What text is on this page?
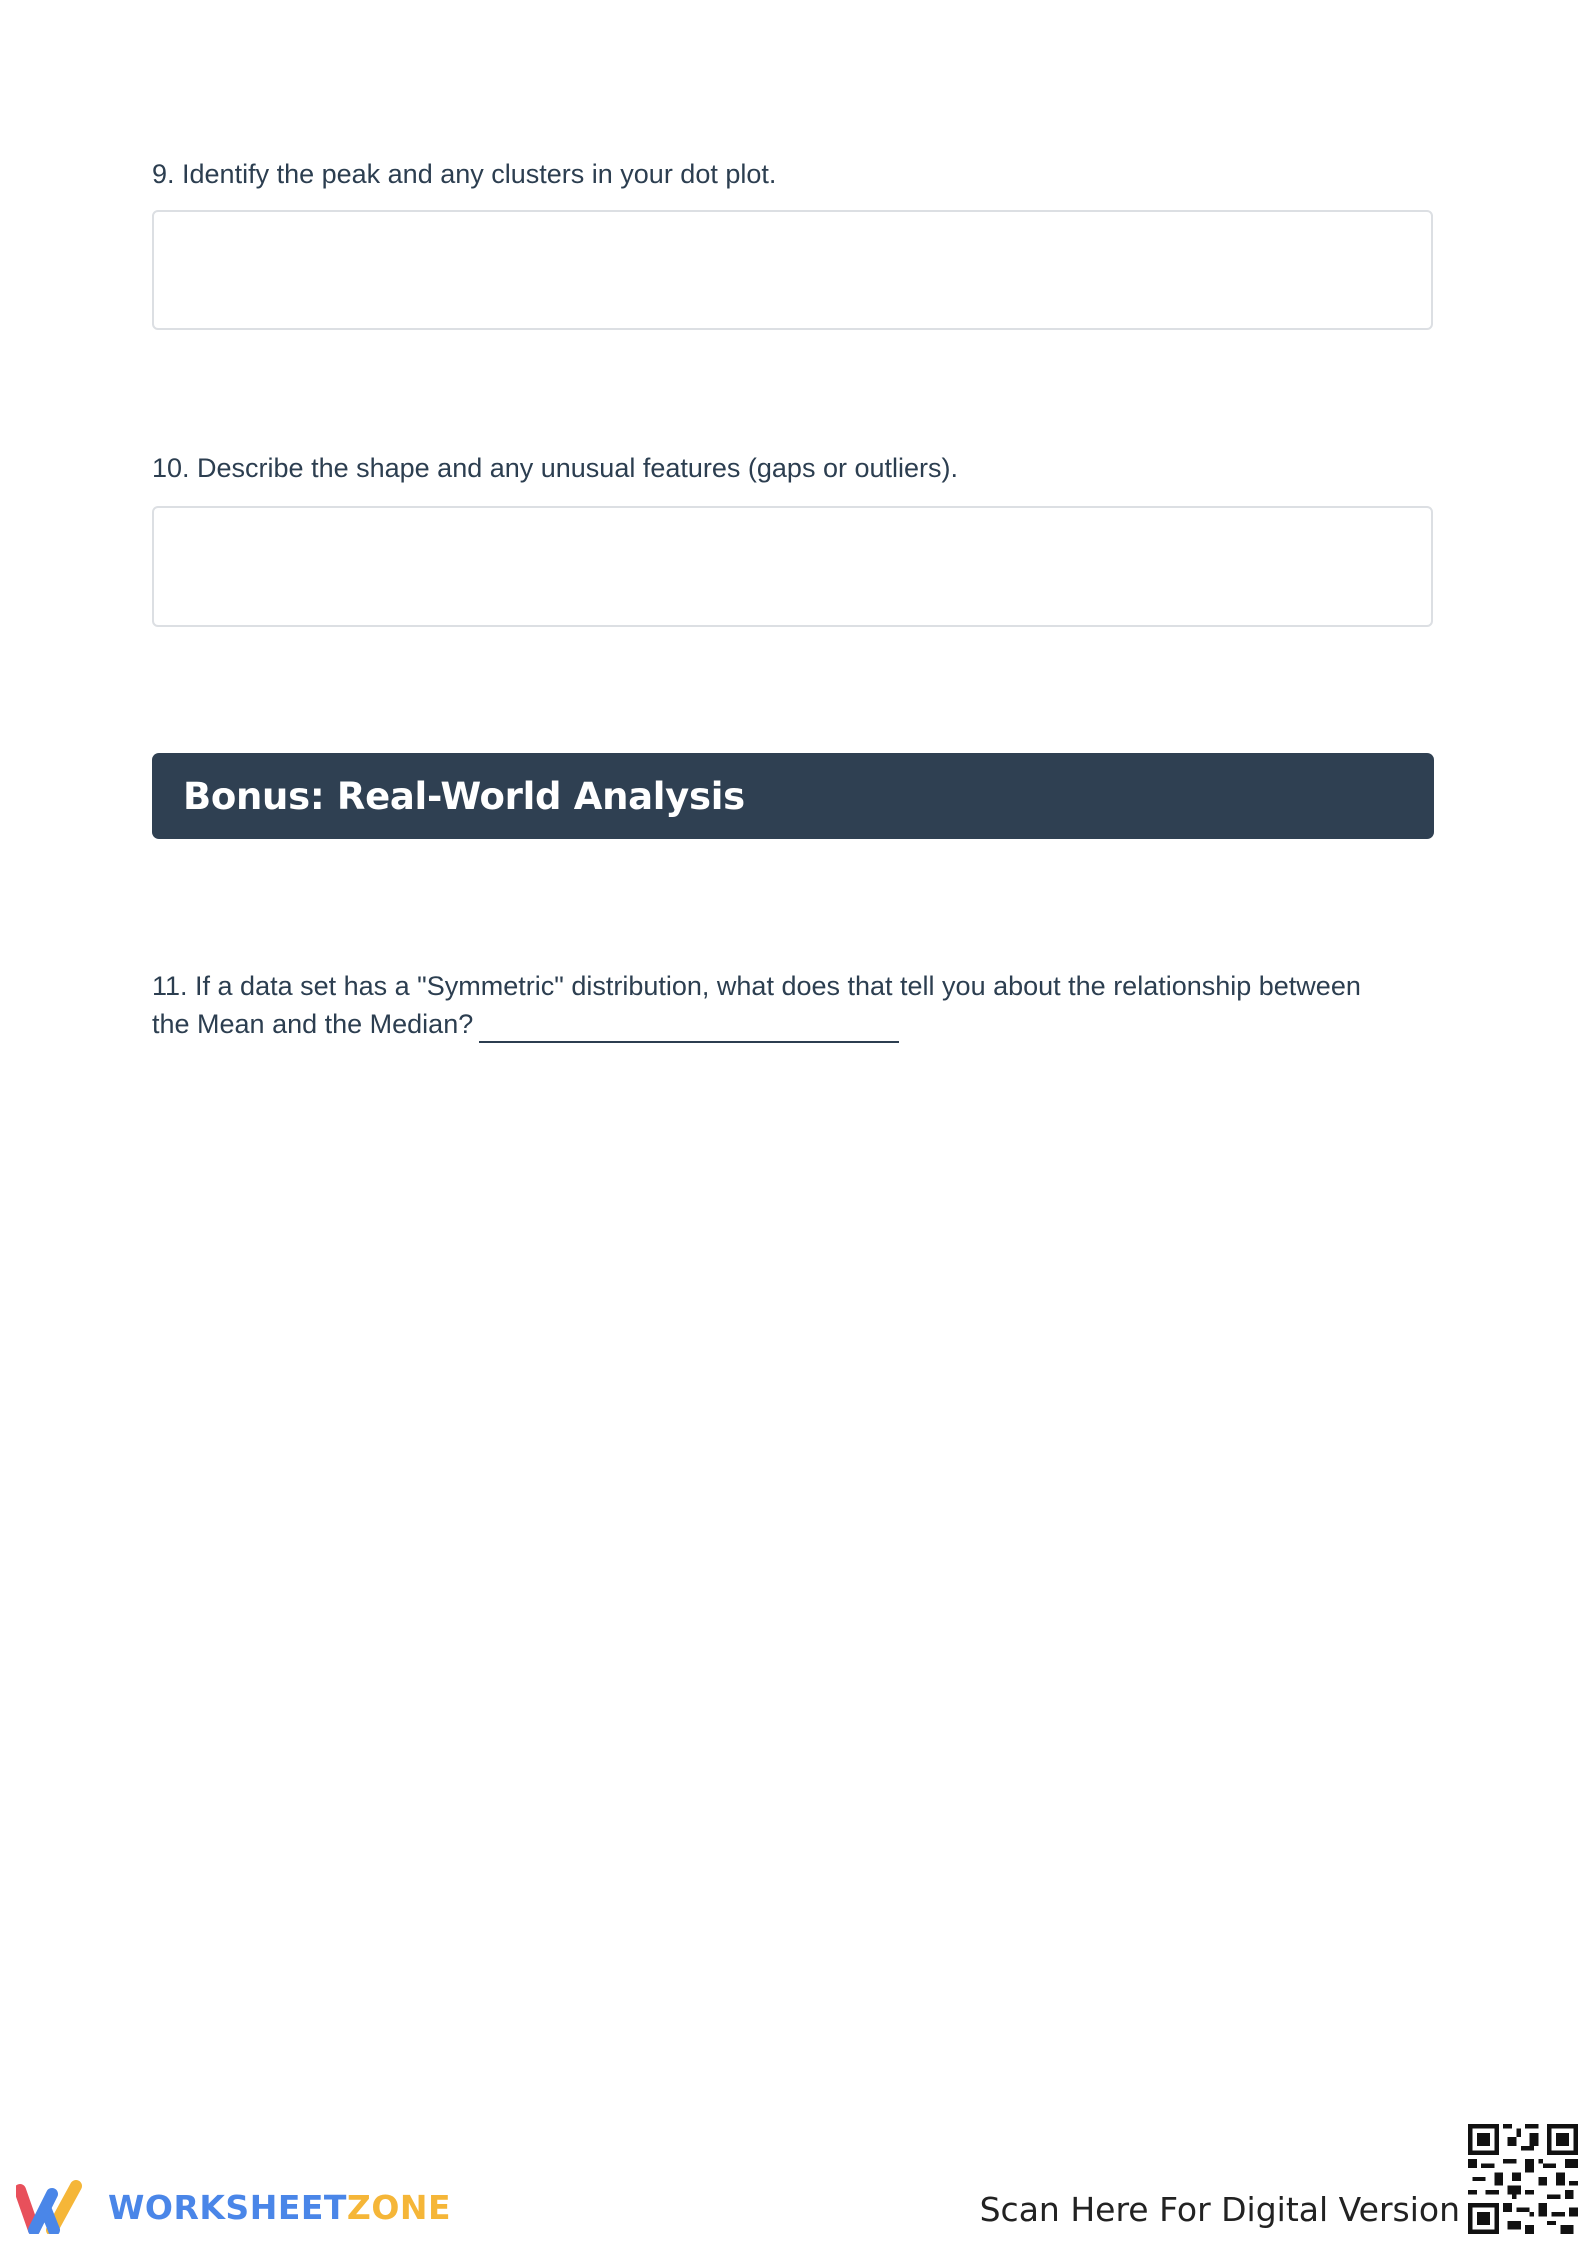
9. Identify the peak and any clusters in your dot plot.

10. Describe the shape and any unusual features (gaps or outliers).

Bonus: Real-World Analysis

11. If a data set has a "Symmetric" distribution, what does that tell you about the relationship between the Mean and the Median?

WORKSHEETZONE	Scan Here For Digital Version
